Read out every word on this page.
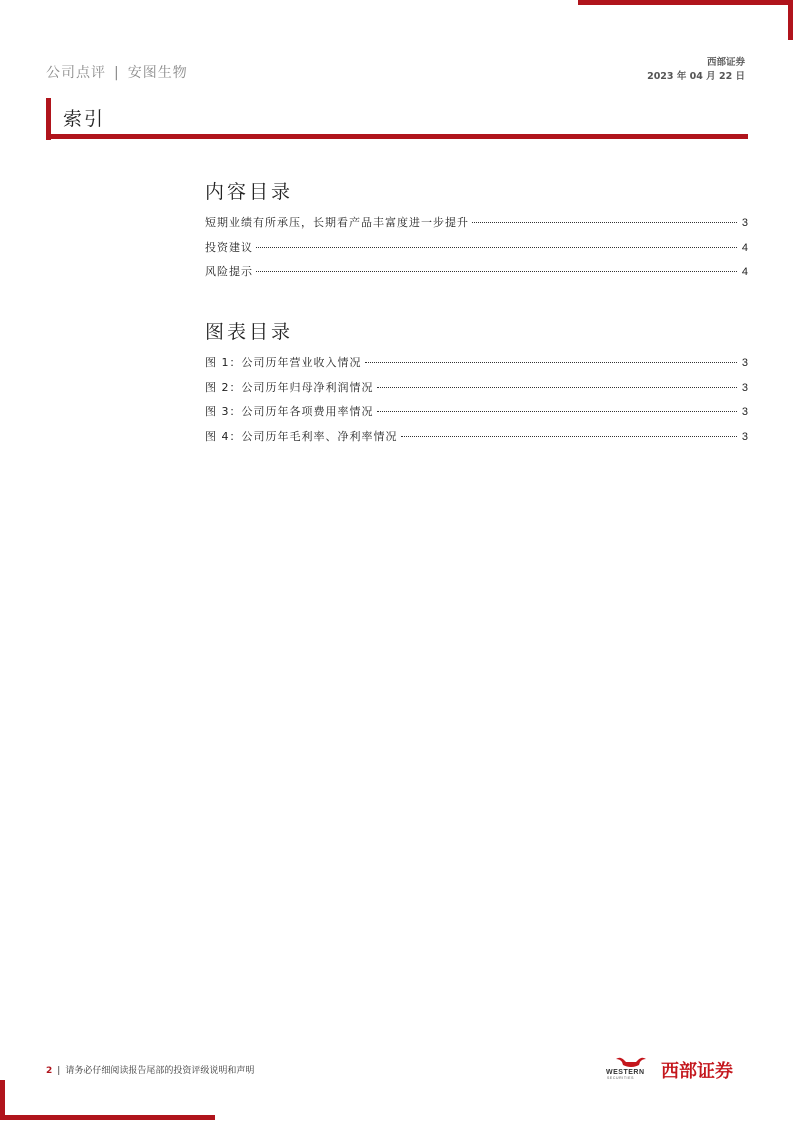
公司点评 | 安图生物
西部证券
2023 年 04 月 22 日
索引
内容目录
短期业绩有所承压，长期看产品丰富度进一步提升	3
投资建议	4
风险提示	4
图表目录
图 1：公司历年营业收入情况	3
图 2：公司历年归母净利润情况	3
图 3：公司历年各项费用率情况	3
图 4：公司历年毛利率、净利率情况	3
2 | 请务必仔细阅读报告尾部的投资评级说明和声明	WESTERN
SECURITIES 西部证券
